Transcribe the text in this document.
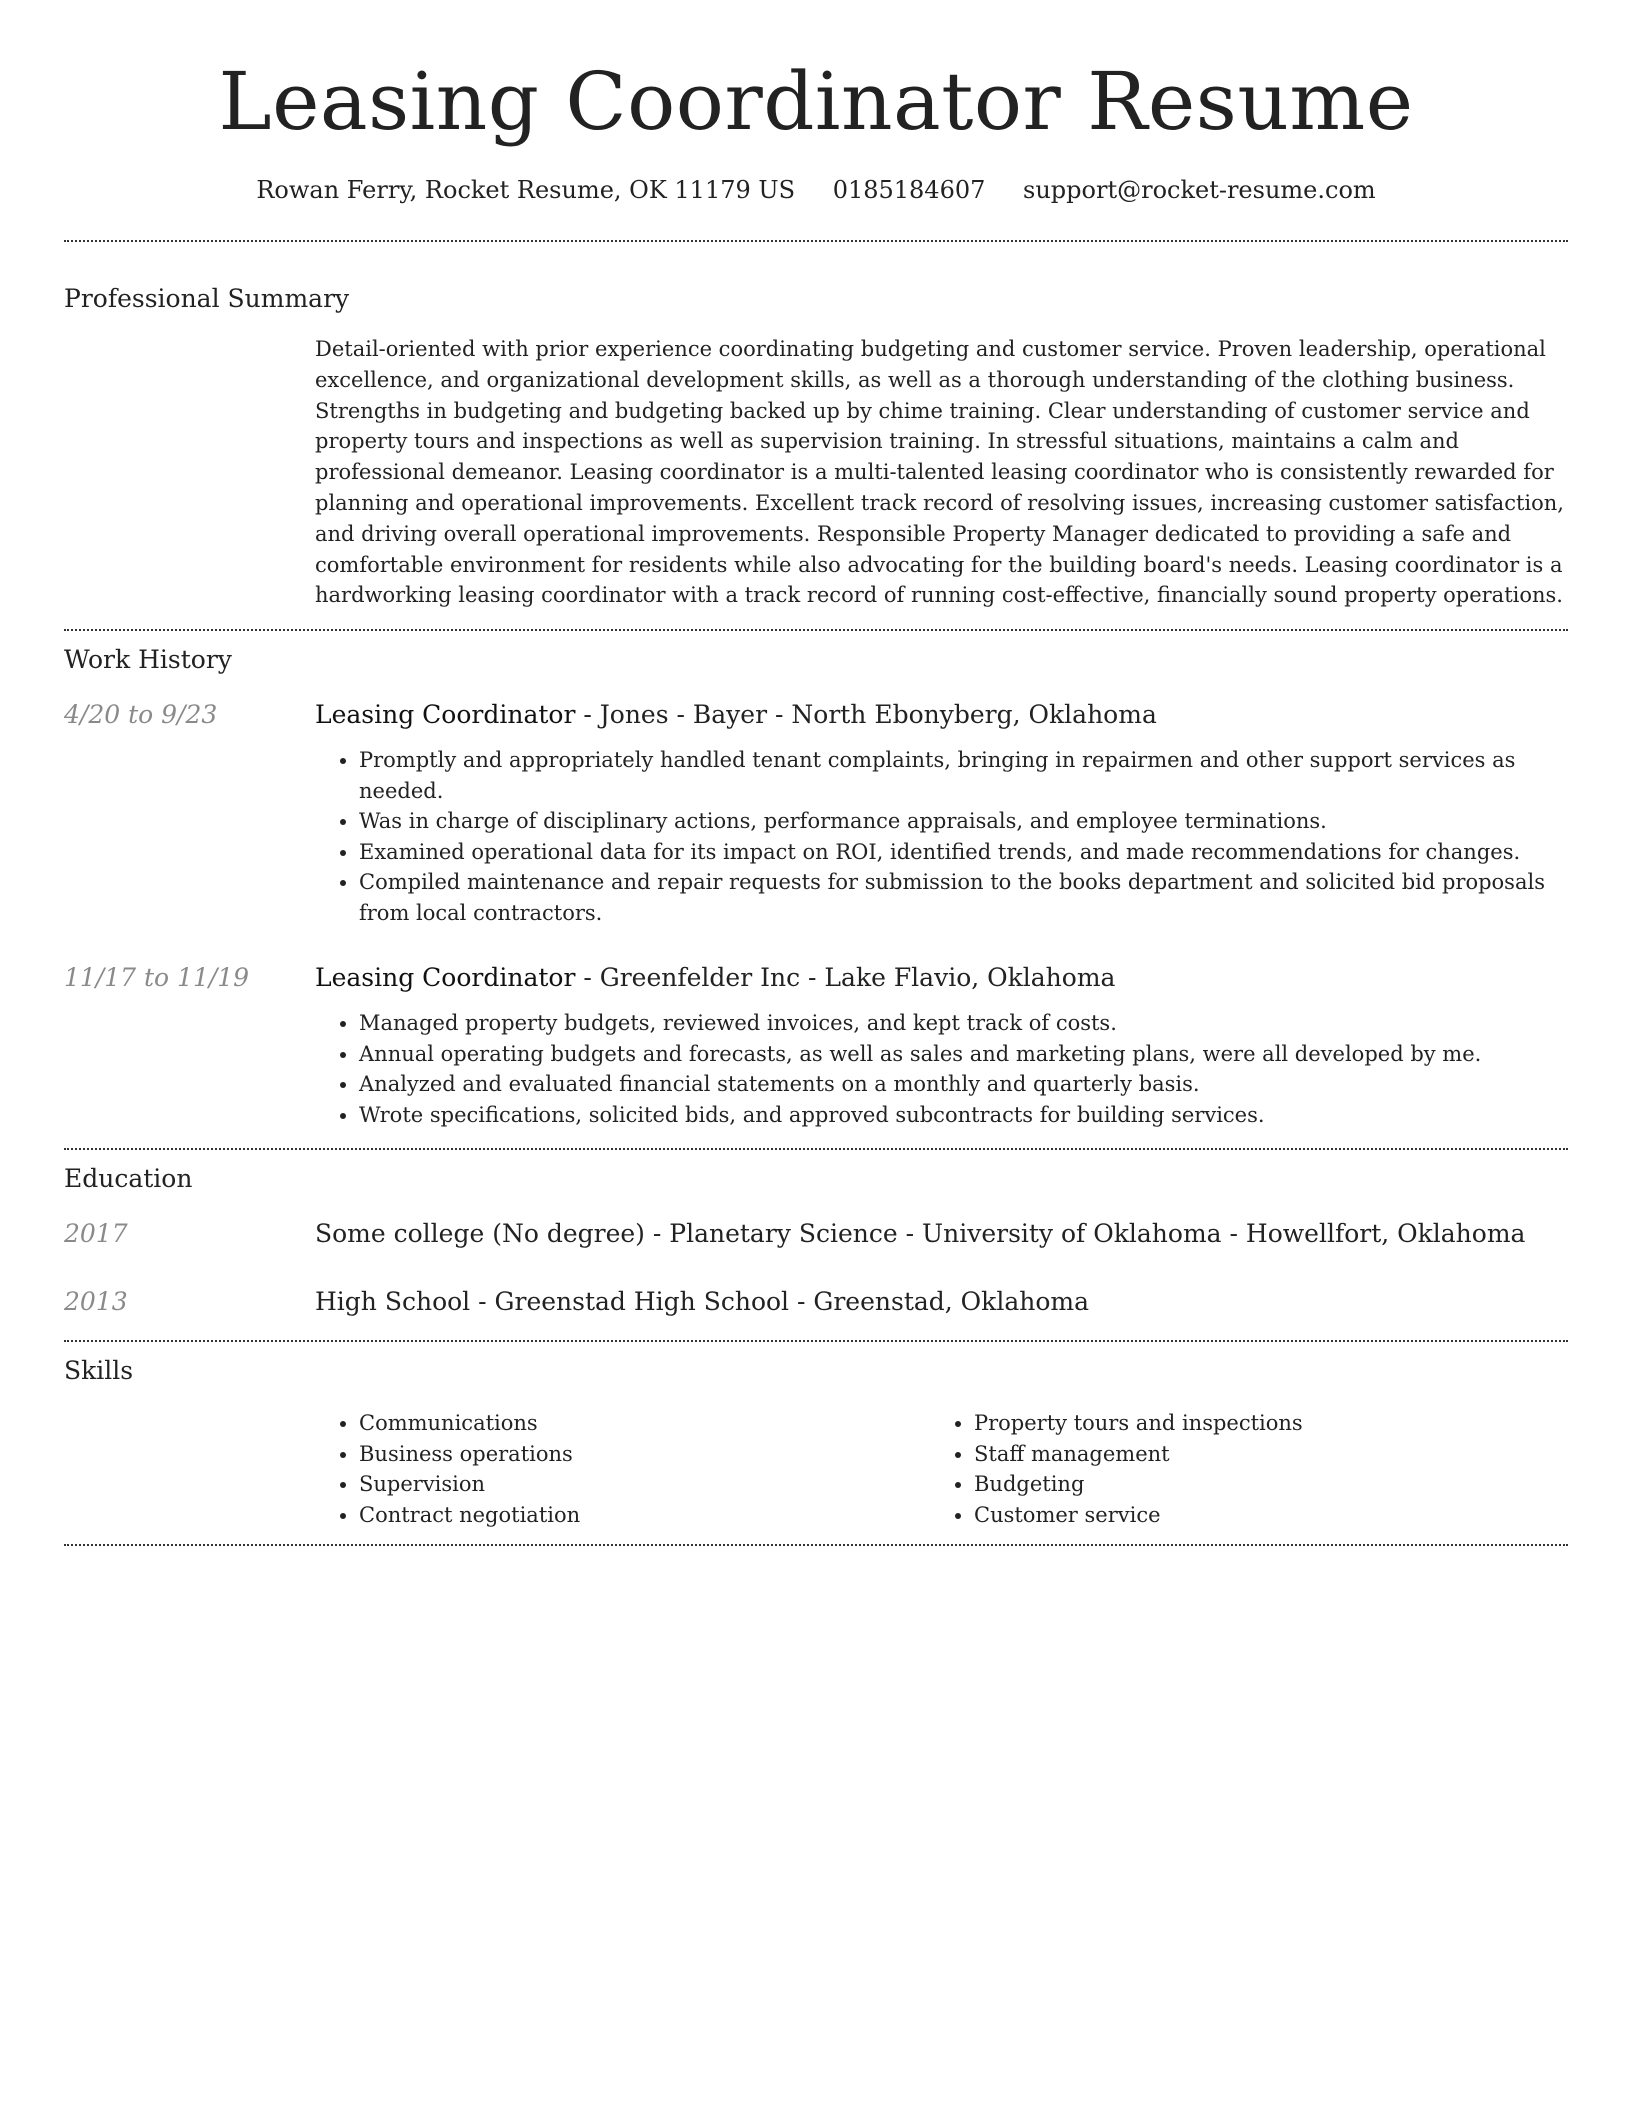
Leasing Coordinator Resume
Rowan Ferry, Rocket Resume, OK 11179 US 0185184607 support@rocket-resume.com
Professional Summary

Detail-oriented with prior experience coordinating budgeting and customer service. Proven leadership, operational excellence, and organizational development skills, as well as a thorough understanding of the clothing business. Strengths in budgeting and budgeting backed up by chime training. Clear understanding of customer service and property tours and inspections as well as supervision training. In stressful situations, maintains a calm and professional demeanor. Leasing coordinator is a multi-talented leasing coordinator who is consistently rewarded for planning and operational improvements. Excellent track record of resolving issues, increasing customer satisfaction, and driving overall operational improvements. Responsible Property Manager dedicated to providing a safe and comfortable environment for residents while also advocating for the building board's needs. Leasing coordinator is a hardworking leasing coordinator with a track record of running cost-effective, financially sound property operations.

Work History
4/20 to 9/23	Leasing Coordinator - Jones - Bayer - North Ebonyberg, Oklahoma
• Promptly and appropriately handled tenant complaints, bringing in repairmen and other support services as needed.
• Was in charge of disciplinary actions, performance appraisals, and employee terminations.
• Examined operational data for its impact on ROI, identified trends, and made recommendations for changes.
• Compiled maintenance and repair requests for submission to the books department and solicited bid proposals from local contractors.
11/17 to 11/19	Leasing Coordinator - Greenfelder Inc - Lake Flavio, Oklahoma
• Managed property budgets, reviewed invoices, and kept track of costs.
• Annual operating budgets and forecasts, as well as sales and marketing plans, were all developed by me.
• Analyzed and evaluated financial statements on a monthly and quarterly basis.
• Wrote specifications, solicited bids, and approved subcontracts for building services.
Education
2017	Some college (No degree) - Planetary Science - University of Oklahoma - Howellfort, Oklahoma
2013	High School - Greenstad High School - Greenstad, Oklahoma
Skills
• Communications
• Business operations
• Supervision
• Contract negotiation
• Property tours and inspections
• Staff management
• Budgeting
• Customer service
